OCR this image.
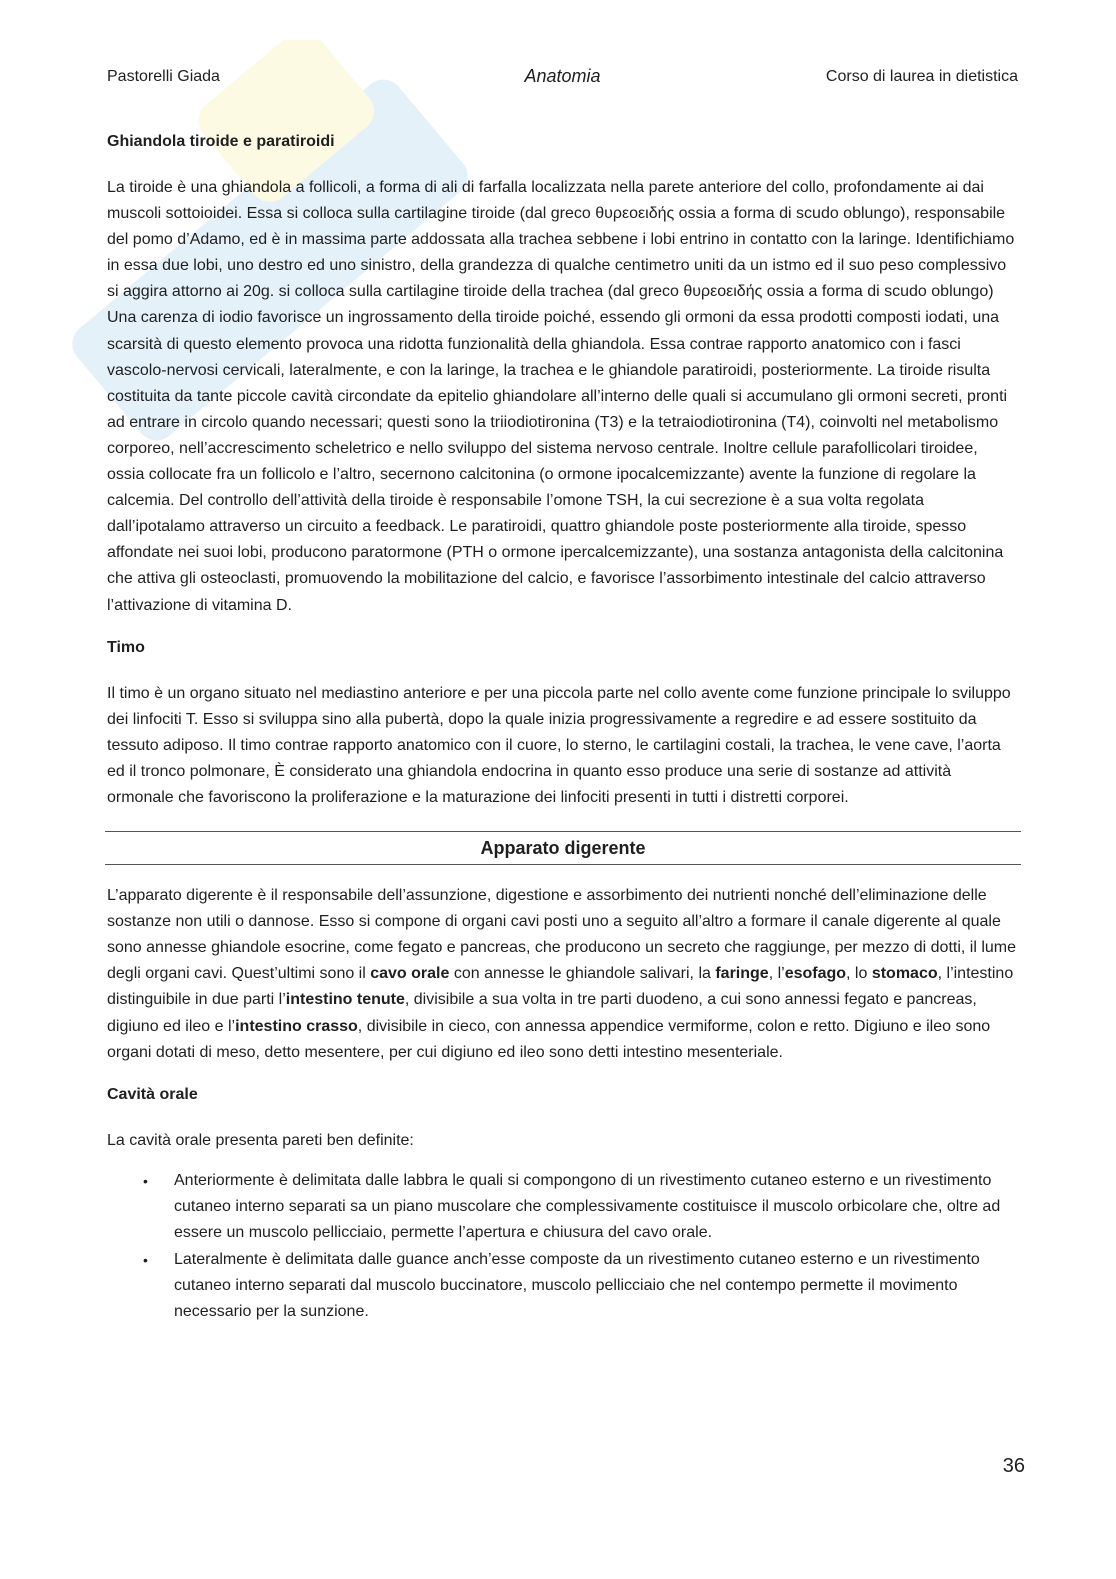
Pastorelli Giada	Anatomia	Corso di laurea in dietistica
Ghiandola tiroide e paratiroidi

La tiroide è una ghiandola a follicoli, a forma di ali di farfalla localizzata nella parete anteriore del collo, profondamente ai dai muscoli sottoioidei. Essa si colloca sulla cartilagine tiroide (dal greco θυρεοειδής ossia a forma di scudo oblungo), responsabile del pomo d’Adamo, ed è in massima parte addossata alla trachea sebbene i lobi entrino in contatto con la laringe. Identifichiamo in essa due lobi, uno destro ed uno sinistro, della grandezza di qualche centimetro uniti da un istmo ed il suo peso complessivo si aggira attorno ai 20g. si colloca sulla cartilagine tiroide della trachea (dal greco θυρεοειδής ossia a forma di scudo oblungo) Una carenza di iodio favorisce un ingrossamento della tiroide poiché, essendo gli ormoni da essa prodotti composti iodati, una scarsità di questo elemento provoca una ridotta funzionalità della ghiandola. Essa contrae rapporto anatomico con i fasci vascolo-nervosi cervicali, lateralmente, e con la laringe, la trachea e le ghiandole paratiroidi, posteriormente. La tiroide risulta costituita da tante piccole cavità circondate da epitelio ghiandolare all’interno delle quali si accumulano gli ormoni secreti, pronti ad entrare in circolo quando necessari; questi sono la triiodiotironina (T3) e la tetraiodiotironina (T4), coinvolti nel metabolismo corporeo, nell’accrescimento scheletrico e nello sviluppo del sistema nervoso centrale. Inoltre cellule parafollicolari tiroidee, ossia collocate fra un follicolo e l’altro, secernono calcitonina (o ormone ipocalcemizzante) avente la funzione di regolare la calcemia. Del controllo dell’attività della tiroide è responsabile l’omone TSH, la cui secrezione è a sua volta regolata dall’ipotalamo attraverso un circuito a feedback. Le paratiroidi, quattro ghiandole poste posteriormente alla tiroide, spesso affondate nei suoi lobi, producono paratormone (PTH o ormone ipercalcemizzante), una sostanza antagonista della calcitonina che attiva gli osteoclasti, promuovendo la mobilitazione del calcio, e favorisce l’assorbimento intestinale del calcio attraverso l’attivazione di vitamina D.

Timo

Il timo è un organo situato nel mediastino anteriore e per una piccola parte nel collo avente come funzione principale lo sviluppo dei linfociti T. Esso si sviluppa sino alla pubertà, dopo la quale inizia progressivamente a regredire e ad essere sostituito da tessuto adiposo. Il timo contrae rapporto anatomico con il cuore, lo sterno, le cartilagini costali, la trachea, le vene cave, l’aorta ed il tronco polmonare, È considerato una ghiandola endocrina in quanto esso produce una serie di sostanze ad attività ormonale che favoriscono la proliferazione e la maturazione dei linfociti presenti in tutti i distretti corporei.

Apparato digerente

L’apparato digerente è il responsabile dell’assunzione, digestione e assorbimento dei nutrienti nonché dell’eliminazione delle sostanze non utili o dannose. Esso si compone di organi cavi posti uno a seguito all’altro a formare il canale digerente al quale sono annesse ghiandole esocrine, come fegato e pancreas, che producono un secreto che raggiunge, per mezzo di dotti, il lume degli organi cavi. Quest’ultimi sono il cavo orale con annesse le ghiandole salivari, la faringe, l’esofago, lo stomaco, l’intestino distinguibile in due parti l’intestino tenute, divisibile a sua volta in tre parti duodeno, a cui sono annessi fegato e pancreas, digiuno ed ileo e l’intestino crasso, divisibile in cieco, con annessa appendice vermiforme, colon e retto. Digiuno e ileo sono organi dotati di meso, detto mesentere, per cui digiuno ed ileo sono detti intestino mesenteriale.

Cavità orale

La cavità orale presenta pareti ben definite:

• Anteriormente è delimitata dalle labbra le quali si compongono di un rivestimento cutaneo esterno e un rivestimento cutaneo interno separati sa un piano muscolare che complessivamente costituisce il muscolo orbicolare che, oltre ad essere un muscolo pellicciaio, permette l’apertura e chiusura del cavo orale.
• Lateralmente è delimitata dalle guance anch’esse composte da un rivestimento cutaneo esterno e un rivestimento cutaneo interno separati dal muscolo buccinatore, muscolo pellicciaio che nel contempo permette il movimento necessario per la sunzione.
36
